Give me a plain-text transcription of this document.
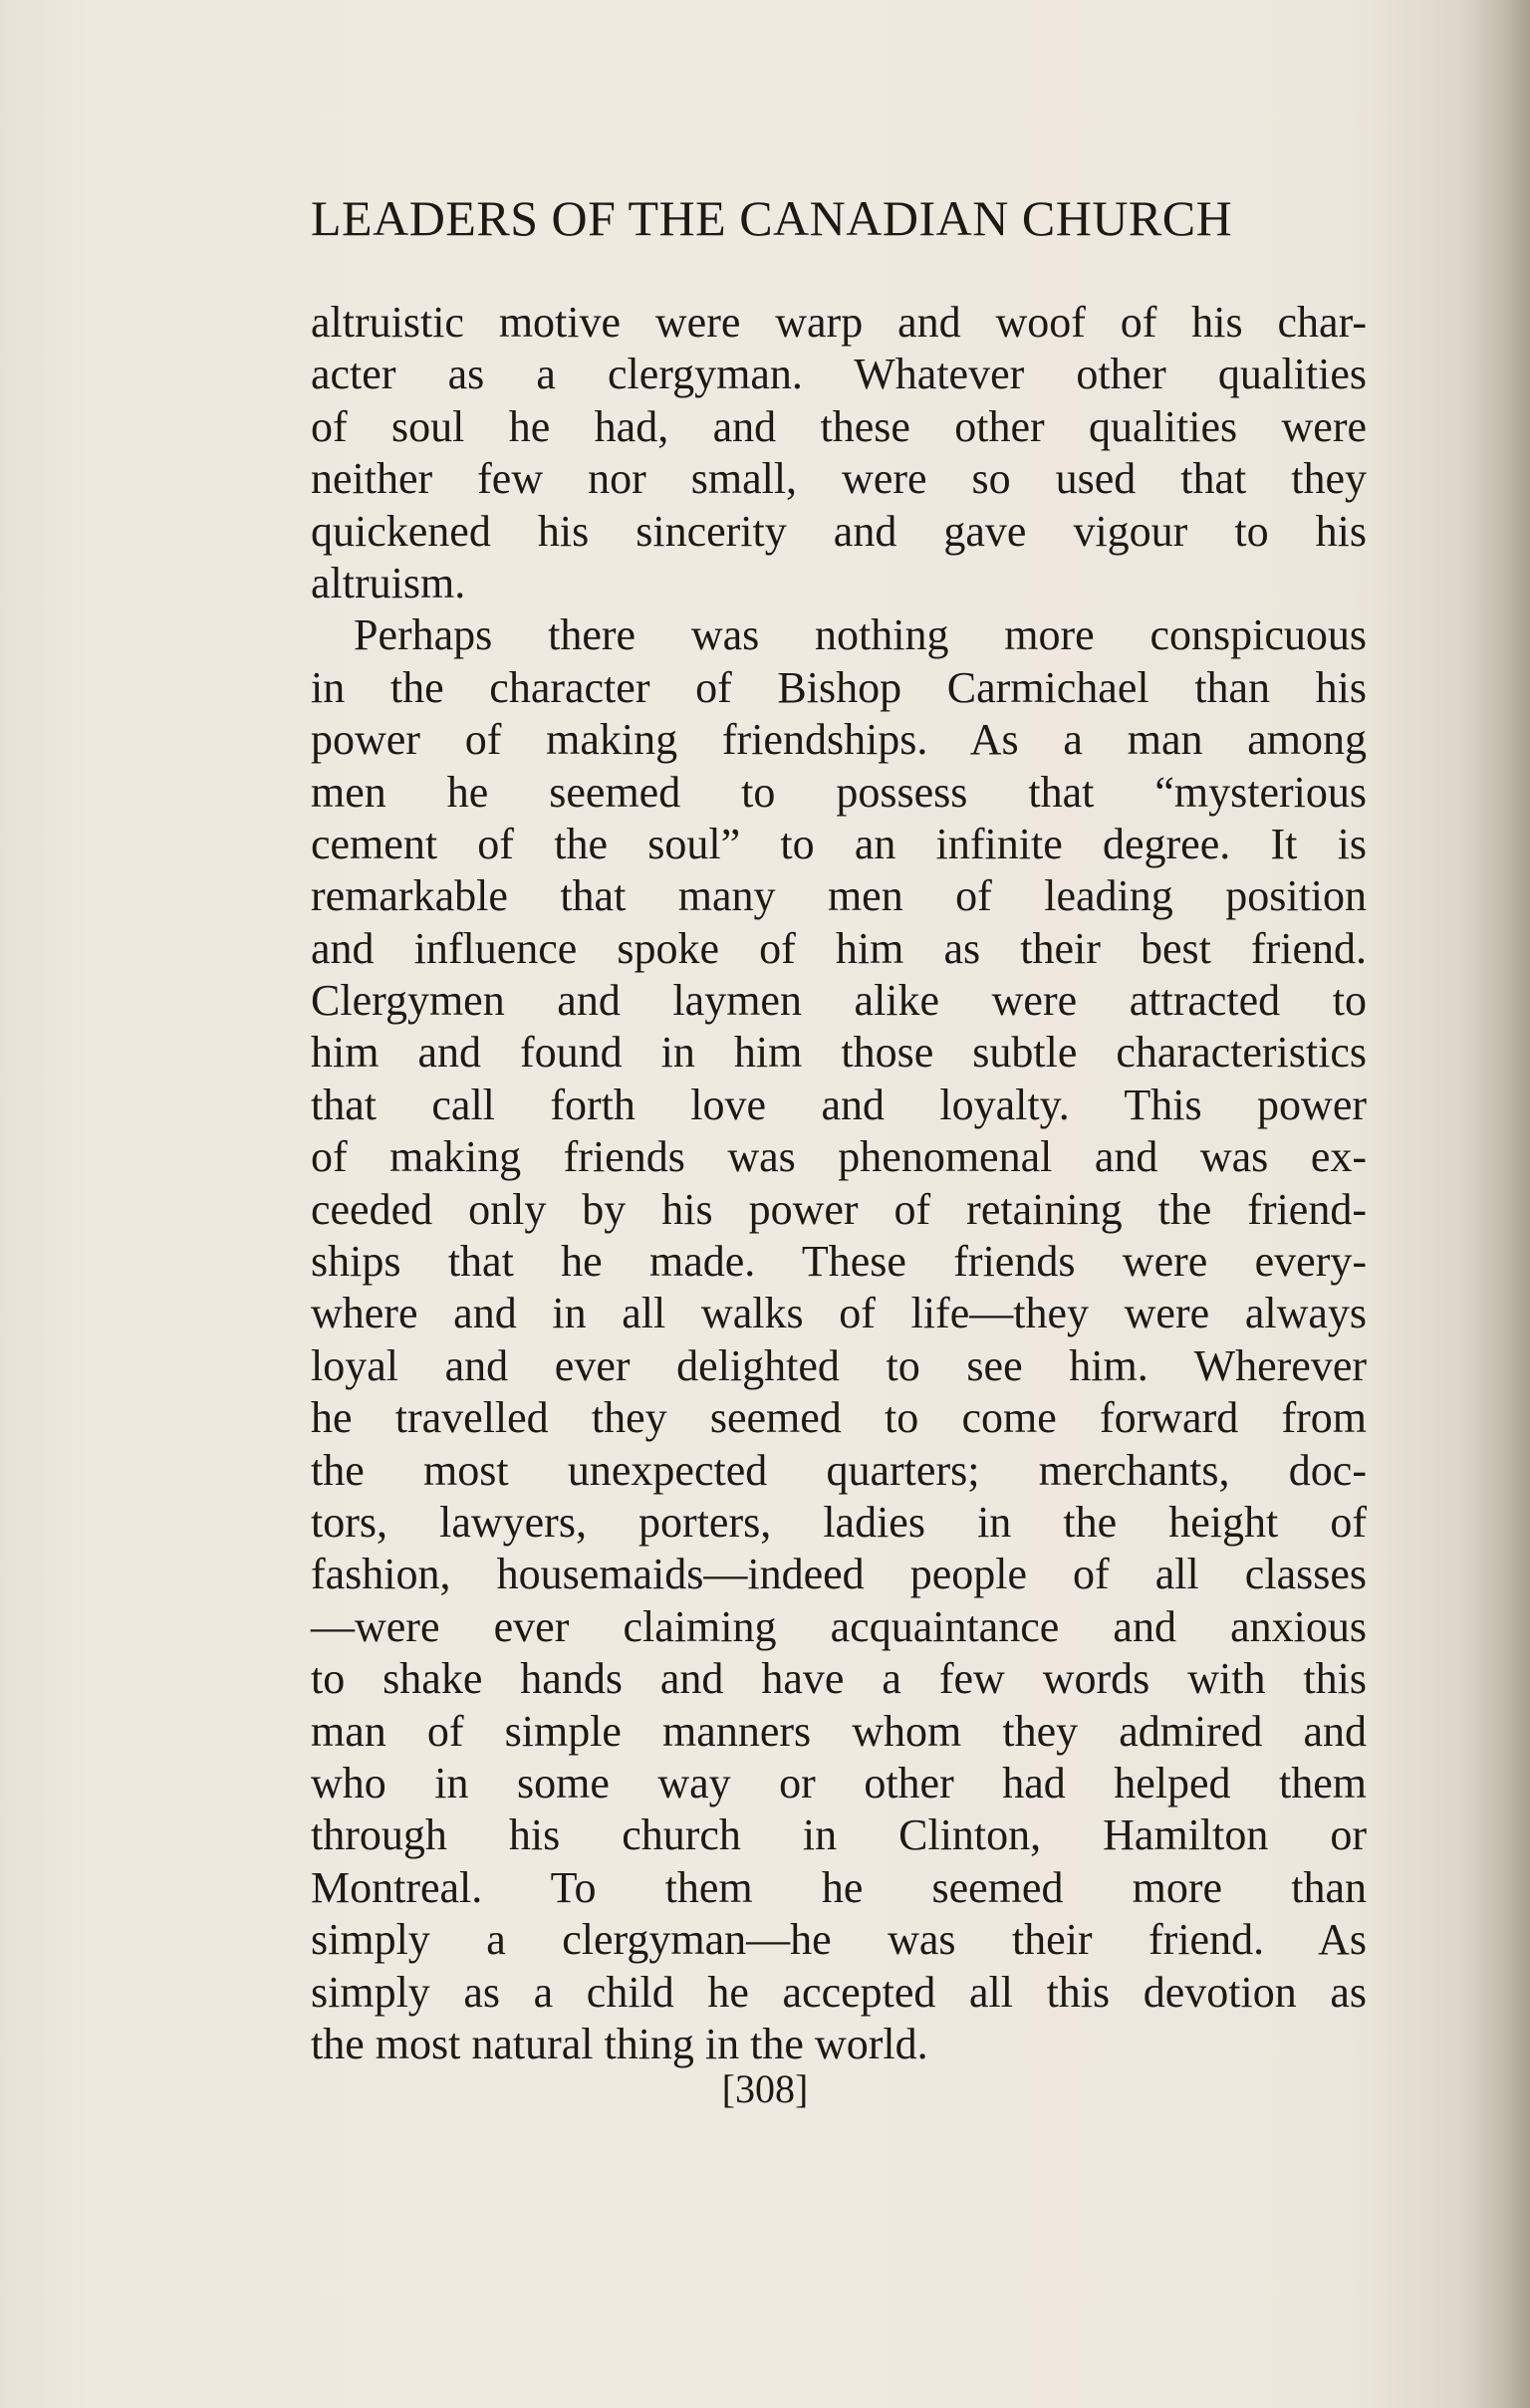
LEADERS OF THE CANADIAN CHURCH
altruistic motive were warp and woof of his char-
acter as a clergyman. Whatever other qualities
of soul he had, and these other qualities were
neither few nor small, were so used that they
quickened his sincerity and gave vigour to his
altruism.
Perhaps there was nothing more conspicuous
in the character of Bishop Carmichael than his
power of making friendships. As a man among
men he seemed to possess that “mysterious
cement of the soul” to an infinite degree. It is
remarkable that many men of leading position
and influence spoke of him as their best friend.
Clergymen and laymen alike were attracted to
him and found in him those subtle characteristics
that call forth love and loyalty. This power
of making friends was phenomenal and was ex-
ceeded only by his power of retaining the friend-
ships that he made. These friends were every-
where and in all walks of life—they were always
loyal and ever delighted to see him. Wherever
he travelled they seemed to come forward from
the most unexpected quarters; merchants, doc-
tors, lawyers, porters, ladies in the height of
fashion, housemaids—indeed people of all classes
—were ever claiming acquaintance and anxious
to shake hands and have a few words with this
man of simple manners whom they admired and
who in some way or other had helped them
through his church in Clinton, Hamilton or
Montreal. To them he seemed more than
simply a clergyman—he was their friend. As
simply as a child he accepted all this devotion as
the most natural thing in the world.
[308]
